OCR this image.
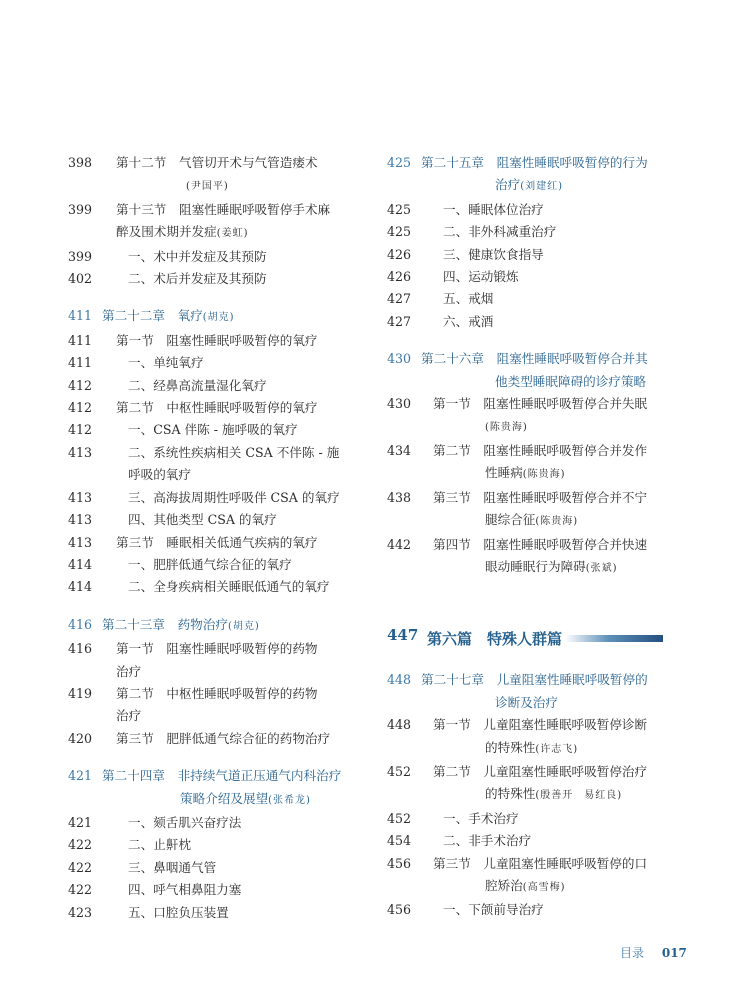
398	第十二节　气管切开术与气管造瘘术
(尹国平)
399	第十三节　阻塞性睡眠呼吸暂停手术麻
醉及围术期并发症(姜虹)
399	一、术中并发症及其预防
402	二、术后并发症及其预防
411 第二十二章　氧疗(胡克)
411	第一节　阻塞性睡眠呼吸暂停的氧疗
411	一、单纯氧疗
412	二、经鼻高流量湿化氧疗
412	第二节　中枢性睡眠呼吸暂停的氧疗
412	一、CSA 伴陈 - 施呼吸的氧疗
413	二、系统性疾病相关 CSA 不伴陈 - 施
呼吸的氧疗
413	三、高海拔周期性呼吸伴 CSA 的氧疗
413	四、其他类型 CSA 的氧疗
413	第三节　睡眠相关低通气疾病的氧疗
414	一、肥胖低通气综合征的氧疗
414	二、全身疾病相关睡眠低通气的氧疗
416 第二十三章　药物治疗(胡克)
416	第一节　阻塞性睡眠呼吸暂停的药物
治疗
419	第二节　中枢性睡眠呼吸暂停的药物
治疗
420	第三节　肥胖低通气综合征的药物治疗
421 第二十四章　非持续气道正压通气内科治疗
策略介绍及展望(张希龙)
421	一、颏舌肌兴奋疗法
422	二、止鼾枕
422	三、鼻咽通气管
422	四、呼气相鼻阻力塞
423	五、口腔负压装置
425 第二十五章　阻塞性睡眠呼吸暂停的行为
治疗(刘建红)
425	一、睡眠体位治疗
425	二、非外科减重治疗
426	三、健康饮食指导
426	四、运动锻炼
427	五、戒烟
427	六、戒酒
430 第二十六章　阻塞性睡眠呼吸暂停合并其
他类型睡眠障碍的诊疗策略
430	第一节　阻塞性睡眠呼吸暂停合并失眠
(陈贵海)
434	第二节　阻塞性睡眠呼吸暂停合并发作
性睡病(陈贵海)
438	第三节　阻塞性睡眠呼吸暂停合并不宁
腿综合征(陈贵海)
442	第四节　阻塞性睡眠呼吸暂停合并快速
眼动睡眠行为障碍(张斌)
447 第六篇　特殊人群篇
448 第二十七章　儿童阻塞性睡眠呼吸暂停的
诊断及治疗
448	第一节　儿童阻塞性睡眠呼吸暂停诊断
的特殊性(许志飞)
452	第二节　儿童阻塞性睡眠呼吸暂停治疗
的特殊性(殷善开　易红良)
452	一、手术治疗
454	二、非手术治疗
456	第三节　儿童阻塞性睡眠呼吸暂停的口
腔矫治(高雪梅)
456	一、下颌前导治疗
目录 017
